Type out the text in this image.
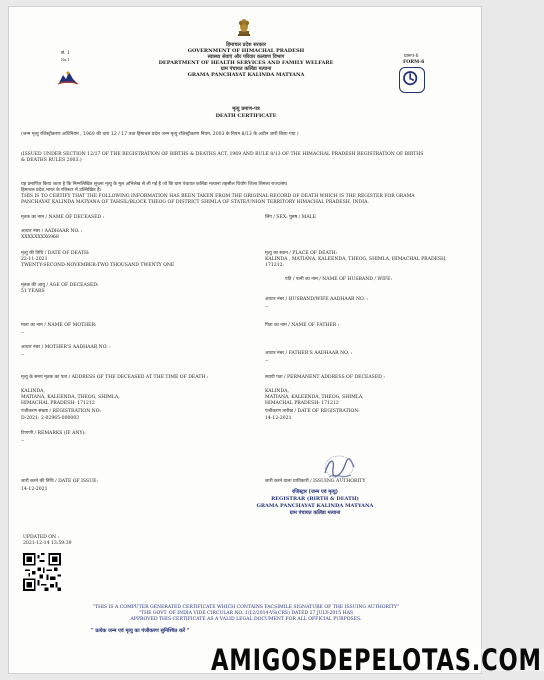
सं. 1
No.1
हिमाचल प्रदेश सरकार
GOVERNMENT OF HIMACHAL PRADESH
स्वास्थ्य सेवाएं और परिवार कल्याण विभाग
DEPARTMENT OF HEALTH SERVICES AND FAMILY WELFARE
ग्राम पंचायत कलिंडा मत्याना
GRAMA PANCHAYAT KALINDA MATYANA
प्रारूप-6
FORM-6
मृत्यु प्रमाण-पत्र
DEATH CERTIFICATE
(जन्म मृत्यु रजिस्ट्रीकरण अधिनियम , 1969 की धारा 12 / 17 तथा हिमाचल प्रदेश जन्म मृत्यु रजिस्ट्रीकरण नियम, 2003 के नियम 8/13 के अधीन जारी किया गया )
(ISSUED UNDER SECTION 12/17 OF THE REGISTRATION OF BIRTHS & DEATHS ACT, 1969 AND RULE 8/13 OF THE HIMACHAL PRADESH REGISTRATION OF BIRTHS
& DEATHS RULES 2003.)
यह प्रमाणित किया जाता है कि निम्नलिखित सूचना मृत्यु के मूल अभिलेख से ली गई है जो कि ग्राम पंचायत कलिंडा मत्याना तहसील थियोग जिला शिमला राज्य/संघ
हिमाचल प्रदेश,भारत के रजिस्टर में उल्लिखित है।
THIS IS TO CERTIFY THAT THE FOLLOWING INFORMATION HAS BEEN TAKEN FROM THE ORIGINAL RECORD OF DEATH WHICH IS THE REGISTER FOR GRAMA
PANCHAYAT KALINDA MATYANA OF TAHSIL/BLOCK THEOG OF DISTRICT SHIMLA OF STATE/UNION TERRITORY HIMACHAL PRADESH, INDIA.
मृतक का नाम / NAME OF DECEASED :
आधार नंबर / AADHAAR NO. :
XXXXXXXX6968
मृत्यु की तिथि / DATE OF DEATH:
22-11-2021
TWENTY-SECOND-NOVEMBER-TWO THOUSAND TWENTY ONE
मृतक की आयु / AGE OF DECEASED:
51 YEARS
लिंग / SEX: पुरुष / MALE
मृत्यु का स्थान / PLACE OF DEATH:
KALINDA , MATIANA, KALEENDA, THEOG, SHIMLA, HIMACHAL PRADESH,
171212.
पति / पत्नी का नाम / NAME OF HUSBAND / WIFE:
आधार नंबर / HUSBAND/WIFE AADHAAR NO. :
--
माता का नाम / NAME OF MOTHER:
--
पिता का नाम / NAME OF FATHER :
आधार नंबर / MOTHER'S AADHAAR NO. :
--	आधार नंबर / FATHER'S AADHAAR NO. :
--
मृत्यु के समय मृतक का पता / ADDRESS OF THE DECEASED AT THE TIME OF DEATH :
KALINDA,
MATIANA, KALEENDA, THEOG, SHIMLA,
HIMACHAL PRADESH- 171212
स्थायी पता / PERMANENT ADDRESS OF DECEASED :
KALINDA,
MATIANA, KALEENDA, THEOG, SHIMLA,
HIMACHAL PRADESH- 171212
पंजीकरण संख्या / REGISTRATION NO:
D-2021: 2-02965-000003
पंजीकरण तारीख / DATE OF REGISTRATION:
14-12-2021
टिप्पणी / REMARKS (IF ANY):
--
जारी करने की तिथि / DATE OF ISSUE:
14-12-2021
जारी करने वाला प्राधिकारी / ISSUING AUTHORITY
रजिस्ट्रार (जन्म एवं मृत्यु)
REGISTRAR (BIRTH & DEATH)
GRAMA PANCHAYAT KALINDA MATYANA
ग्राम पंचायत कलिंडा मत्याना
UPDATED ON :
2021-12-14 13:59:39
"THIS IS A COMPUTER GENERATED CERTIFICATE WHICH CONTAINS FACSIMILE SIGNATURE OF THE ISSUING AUTHORITY"
"THE GOVT. OF INDIA VIDE CIRCULAR NO. 1/12/2014-VS(CRS) DATED 27 JULY-2015 HAS
APPROVED THIS CERTIFICATE AS A VALID LEGAL DOCUMENT FOR ALL OFFICIAL PURPOSES.
" प्रत्येक जन्म एवं मृत्यु का पंजीकरण सुनिश्चित करें "
AMIGOSDEPELOTAS.COM
